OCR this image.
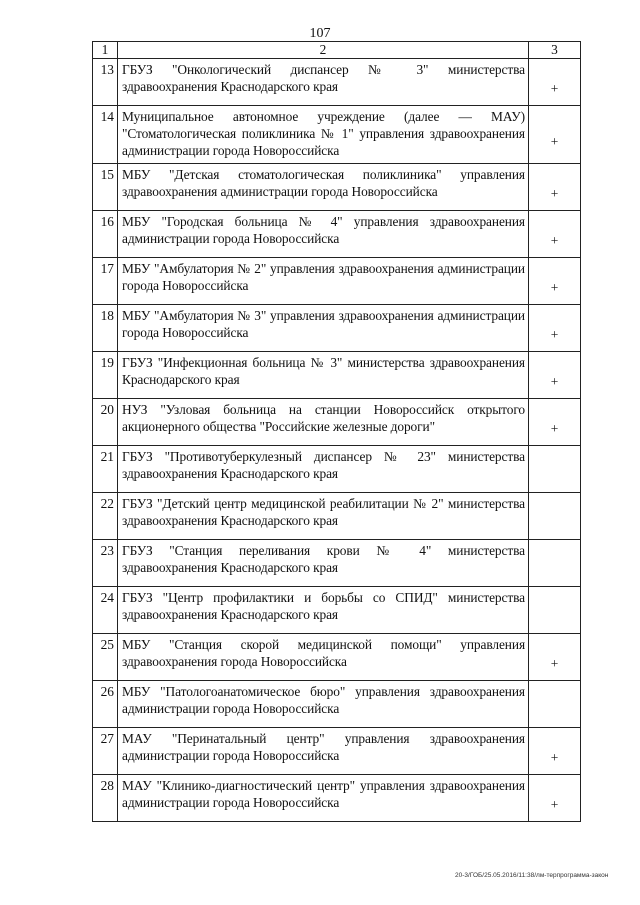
107
1	2	3
13	ГБУЗ "Онкологический диспансер № 3" министерства здравоохранения Краснодарского края	+
14	Муниципальное автономное учреждение (далее — МАУ) "Стоматологическая поликлиника № 1" управления здравоохранения администрации города Новороссийска	+
15	МБУ "Детская стоматологическая поликлиника" управления здравоохранения администрации города Новороссийска	+
16	МБУ "Городская больница № 4" управления здравоохранения администрации города Новороссийска	+
17	МБУ "Амбулатория № 2" управления здравоохранения администрации города Новороссийска	+
18	МБУ "Амбулатория № 3" управления здравоохранения администрации города Новороссийска	+
19	ГБУЗ "Инфекционная больница № 3" министерства здравоохранения Краснодарского края	+
20	НУЗ "Узловая больница на станции Новороссийск открытого акционерного общества "Российские железные дороги"	+
21	ГБУЗ "Противотуберкулезный диспансер № 23" министерства здравоохранения Краснодарского края	
22	ГБУЗ "Детский центр медицинской реабилитации № 2" министерства здравоохранения Краснодарского края	
23	ГБУЗ "Станция переливания крови № 4" министерства здравоохранения Краснодарского края	
24	ГБУЗ "Центр профилактики и борьбы со СПИД" министерства здравоохранения Краснодарского края	
25	МБУ "Станция скорой медицинской помощи" управления здравоохранения города Новороссийска	+
26	МБУ "Патологоанатомическое бюро" управления здравоохранения администрации города Новороссийска	
27	МАУ "Перинатальный центр" управления здравоохранения администрации города Новороссийска	+
28	МАУ "Клинико-диагностический центр" управления здравоохранения администрации города Новороссийска	+
20-3/ГОБ/25.05.2016/11:38/лм-терпрограмма-закон
